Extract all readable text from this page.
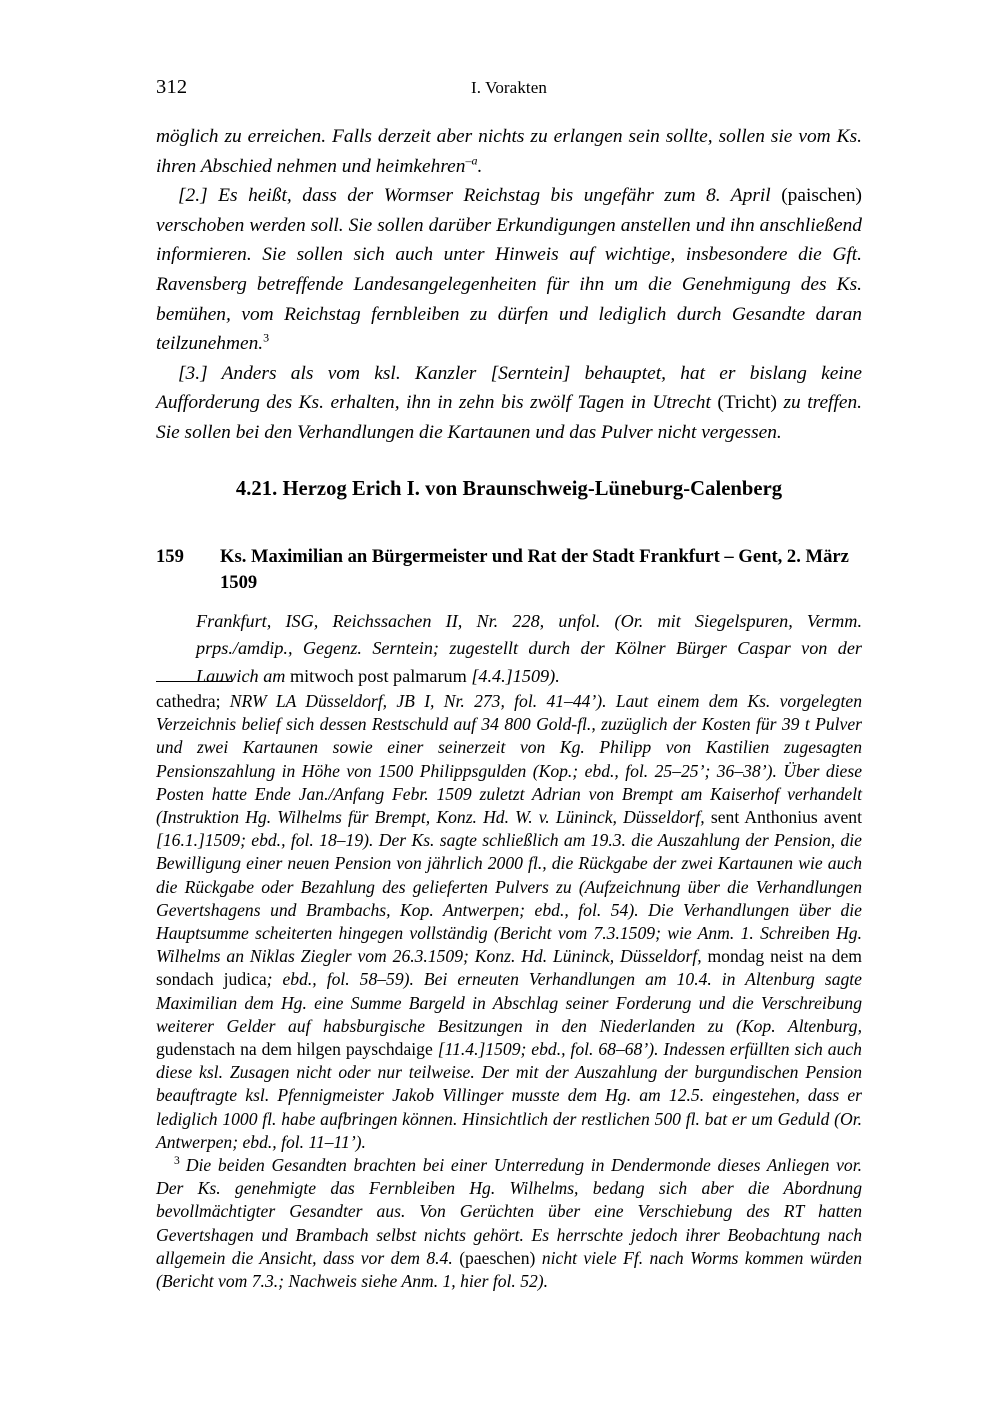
312	I. Vorakten

möglich zu erreichen. Falls derzeit aber nichts zu erlangen sein sollte, sollen sie vom Ks. ihren Abschied nehmen und heimkehren$^{-a}$.

[2.] Es heißt, dass der Wormser Reichstag bis ungefähr zum 8. April (paischen) verschoben werden soll. Sie sollen darüber Erkundigungen anstellen und ihn anschließend informieren. Sie sollen sich auch unter Hinweis auf wichtige, insbesondere die Gft. Ravensberg betreffende Landesangelegenheiten für ihn um die Genehmigung des Ks. bemühen, vom Reichstag fernbleiben zu dürfen und lediglich durch Gesandte daran teilzunehmen.$^3$

[3.] Anders als vom ksl. Kanzler [Serntein] behauptet, hat er bislang keine Aufforderung des Ks. erhalten, ihn in zehn bis zwölf Tagen in Utrecht (Tricht) zu treffen. Sie sollen bei den Verhandlungen die Kartaunen und das Pulver nicht vergessen.

4.21. Herzog Erich I. von Braunschweig-Lüneburg-Calenberg
159 Ks. Maximilian an Bürgermeister und Rat der Stadt Frankfurt – Gent, 2. März 1509
Frankfurt, ISG, Reichssachen II, Nr. 228, unfol. (Or. mit Siegelspuren, Vermm. prps./amdip., Gegenz. Serntein; zugestellt durch der Kölner Bürger Caspar von der Lauwich am mitwoch post palmarum [4.4.]1509).

cathedra; NRW LA Düsseldorf, JB I, Nr. 273, fol. 41–44’). Laut einem dem Ks. vorgelegten Verzeichnis belief sich dessen Restschuld auf 34 800 Gold-fl., zuzüglich der Kosten für 39 t Pulver und zwei Kartaunen sowie einer seinerzeit von Kg. Philipp von Kastilien zugesagten Pensionszahlung in Höhe von 1500 Philippsgulden (Kop.; ebd., fol. 25–25’; 36–38’). Über diese Posten hatte Ende Jan./Anfang Febr. 1509 zuletzt Adrian von Brempt am Kaiserhof verhandelt (Instruktion Hg. Wilhelms für Brempt, Konz. Hd. W. v. Lüninck, Düsseldorf, sent Anthonius avent [16.1.]1509; ebd., fol. 18–19). Der Ks. sagte schließlich am 19.3. die Auszahlung der Pension, die Bewilligung einer neuen Pension von jährlich 2000 fl., die Rückgabe der zwei Kartaunen wie auch die Rückgabe oder Bezahlung des gelieferten Pulvers zu (Aufzeichnung über die Verhandlungen Gevertshagens und Brambachs, Kop. Antwerpen; ebd., fol. 54). Die Verhandlungen über die Hauptsumme scheiterten hingegen vollständig (Bericht vom 7.3.1509; wie Anm. 1. Schreiben Hg. Wilhelms an Niklas Ziegler vom 26.3.1509; Konz. Hd. Lüninck, Düsseldorf, mondag neist na dem sondach judica; ebd., fol. 58–59). Bei erneuten Verhandlungen am 10.4. in Altenburg sagte Maximilian dem Hg. eine Summe Bargeld in Abschlag seiner Forderung und die Verschreibung weiterer Gelder auf habsburgische Besitzungen in den Niederlanden zu (Kop. Altenburg, gudenstach na dem hilgen payschdaige [11.4.]1509; ebd., fol. 68–68’). Indessen erfüllten sich auch diese ksl. Zusagen nicht oder nur teilweise. Der mit der Auszahlung der burgundischen Pension beauftragte ksl. Pfennigmeister Jakob Villinger musste dem Hg. am 12.5. eingestehen, dass er lediglich 1000 fl. habe aufbringen können. Hinsichtlich der restlichen 500 fl. bat er um Geduld (Or. Antwerpen; ebd., fol. 11–11’).

$^3$ Die beiden Gesandten brachten bei einer Unterredung in Dendermonde dieses Anliegen vor. Der Ks. genehmigte das Fernbleiben Hg. Wilhelms, bedang sich aber die Abordnung bevollmächtigter Gesandter aus. Von Gerüchten über eine Verschiebung des RT hatten Gevertshagen und Brambach selbst nichts gehört. Es herrschte jedoch ihrer Beobachtung nach allgemein die Ansicht, dass vor dem 8.4. (paeschen) nicht viele Ff. nach Worms kommen würden (Bericht vom 7.3.; Nachweis siehe Anm. 1, hier fol. 52).
